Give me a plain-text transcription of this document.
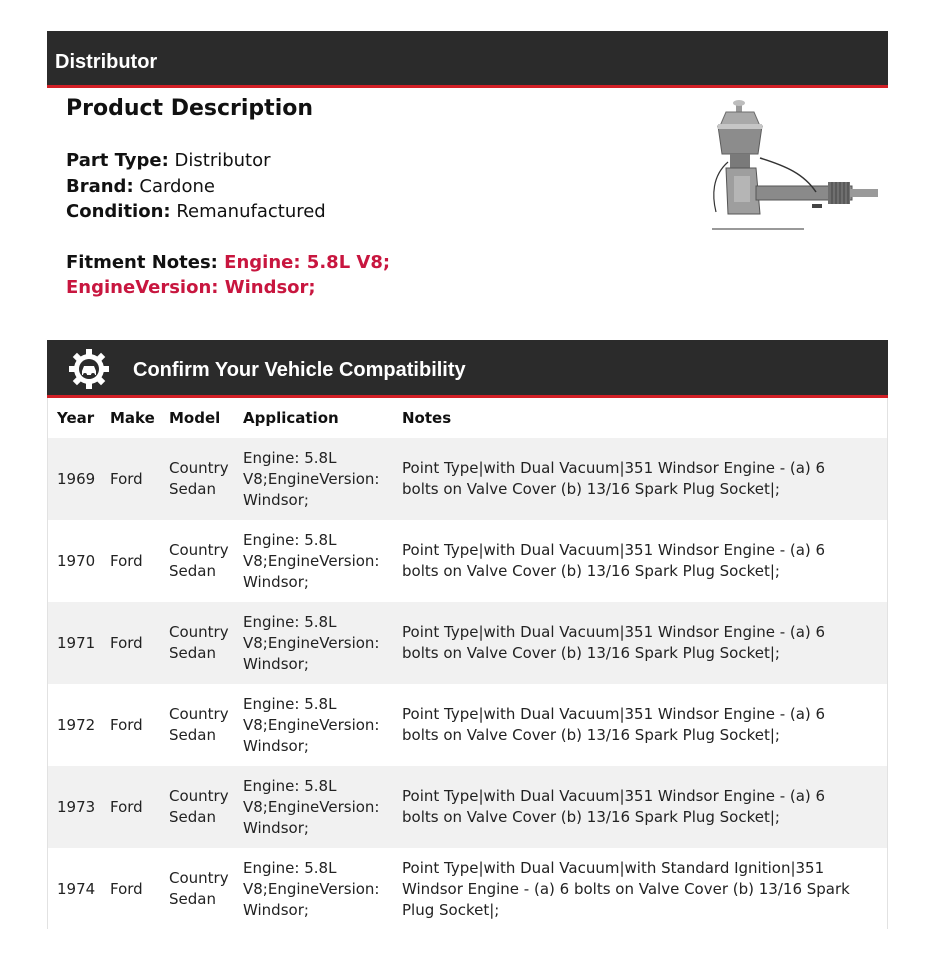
Distributor
Product Description
Part Type: Distributor
Brand: Cardone
Condition: Remanufactured
Fitment Notes: Engine: 5.8L V8;
EngineVersion: Windsor;
Confirm Your Vehicle Compatibility
Year	Make	Model	Application	Notes
1969	Ford	Country Sedan	Engine: 5.8L V8;EngineVersion: Windsor;	Point Type|with Dual Vacuum|351 Windsor Engine - (a) 6 bolts on Valve Cover (b) 13/16 Spark Plug Socket|;
1970	Ford	Country Sedan	Engine: 5.8L V8;EngineVersion: Windsor;	Point Type|with Dual Vacuum|351 Windsor Engine - (a) 6 bolts on Valve Cover (b) 13/16 Spark Plug Socket|;
1971	Ford	Country Sedan	Engine: 5.8L V8;EngineVersion: Windsor;	Point Type|with Dual Vacuum|351 Windsor Engine - (a) 6 bolts on Valve Cover (b) 13/16 Spark Plug Socket|;
1972	Ford	Country Sedan	Engine: 5.8L V8;EngineVersion: Windsor;	Point Type|with Dual Vacuum|351 Windsor Engine - (a) 6 bolts on Valve Cover (b) 13/16 Spark Plug Socket|;
1973	Ford	Country Sedan	Engine: 5.8L V8;EngineVersion: Windsor;	Point Type|with Dual Vacuum|351 Windsor Engine - (a) 6 bolts on Valve Cover (b) 13/16 Spark Plug Socket|;
1974	Ford	Country Sedan	Engine: 5.8L V8;EngineVersion: Windsor;	Point Type|with Dual Vacuum|with Standard Ignition|351 Windsor Engine - (a) 6 bolts on Valve Cover (b) 13/16 Spark Plug Socket|;
